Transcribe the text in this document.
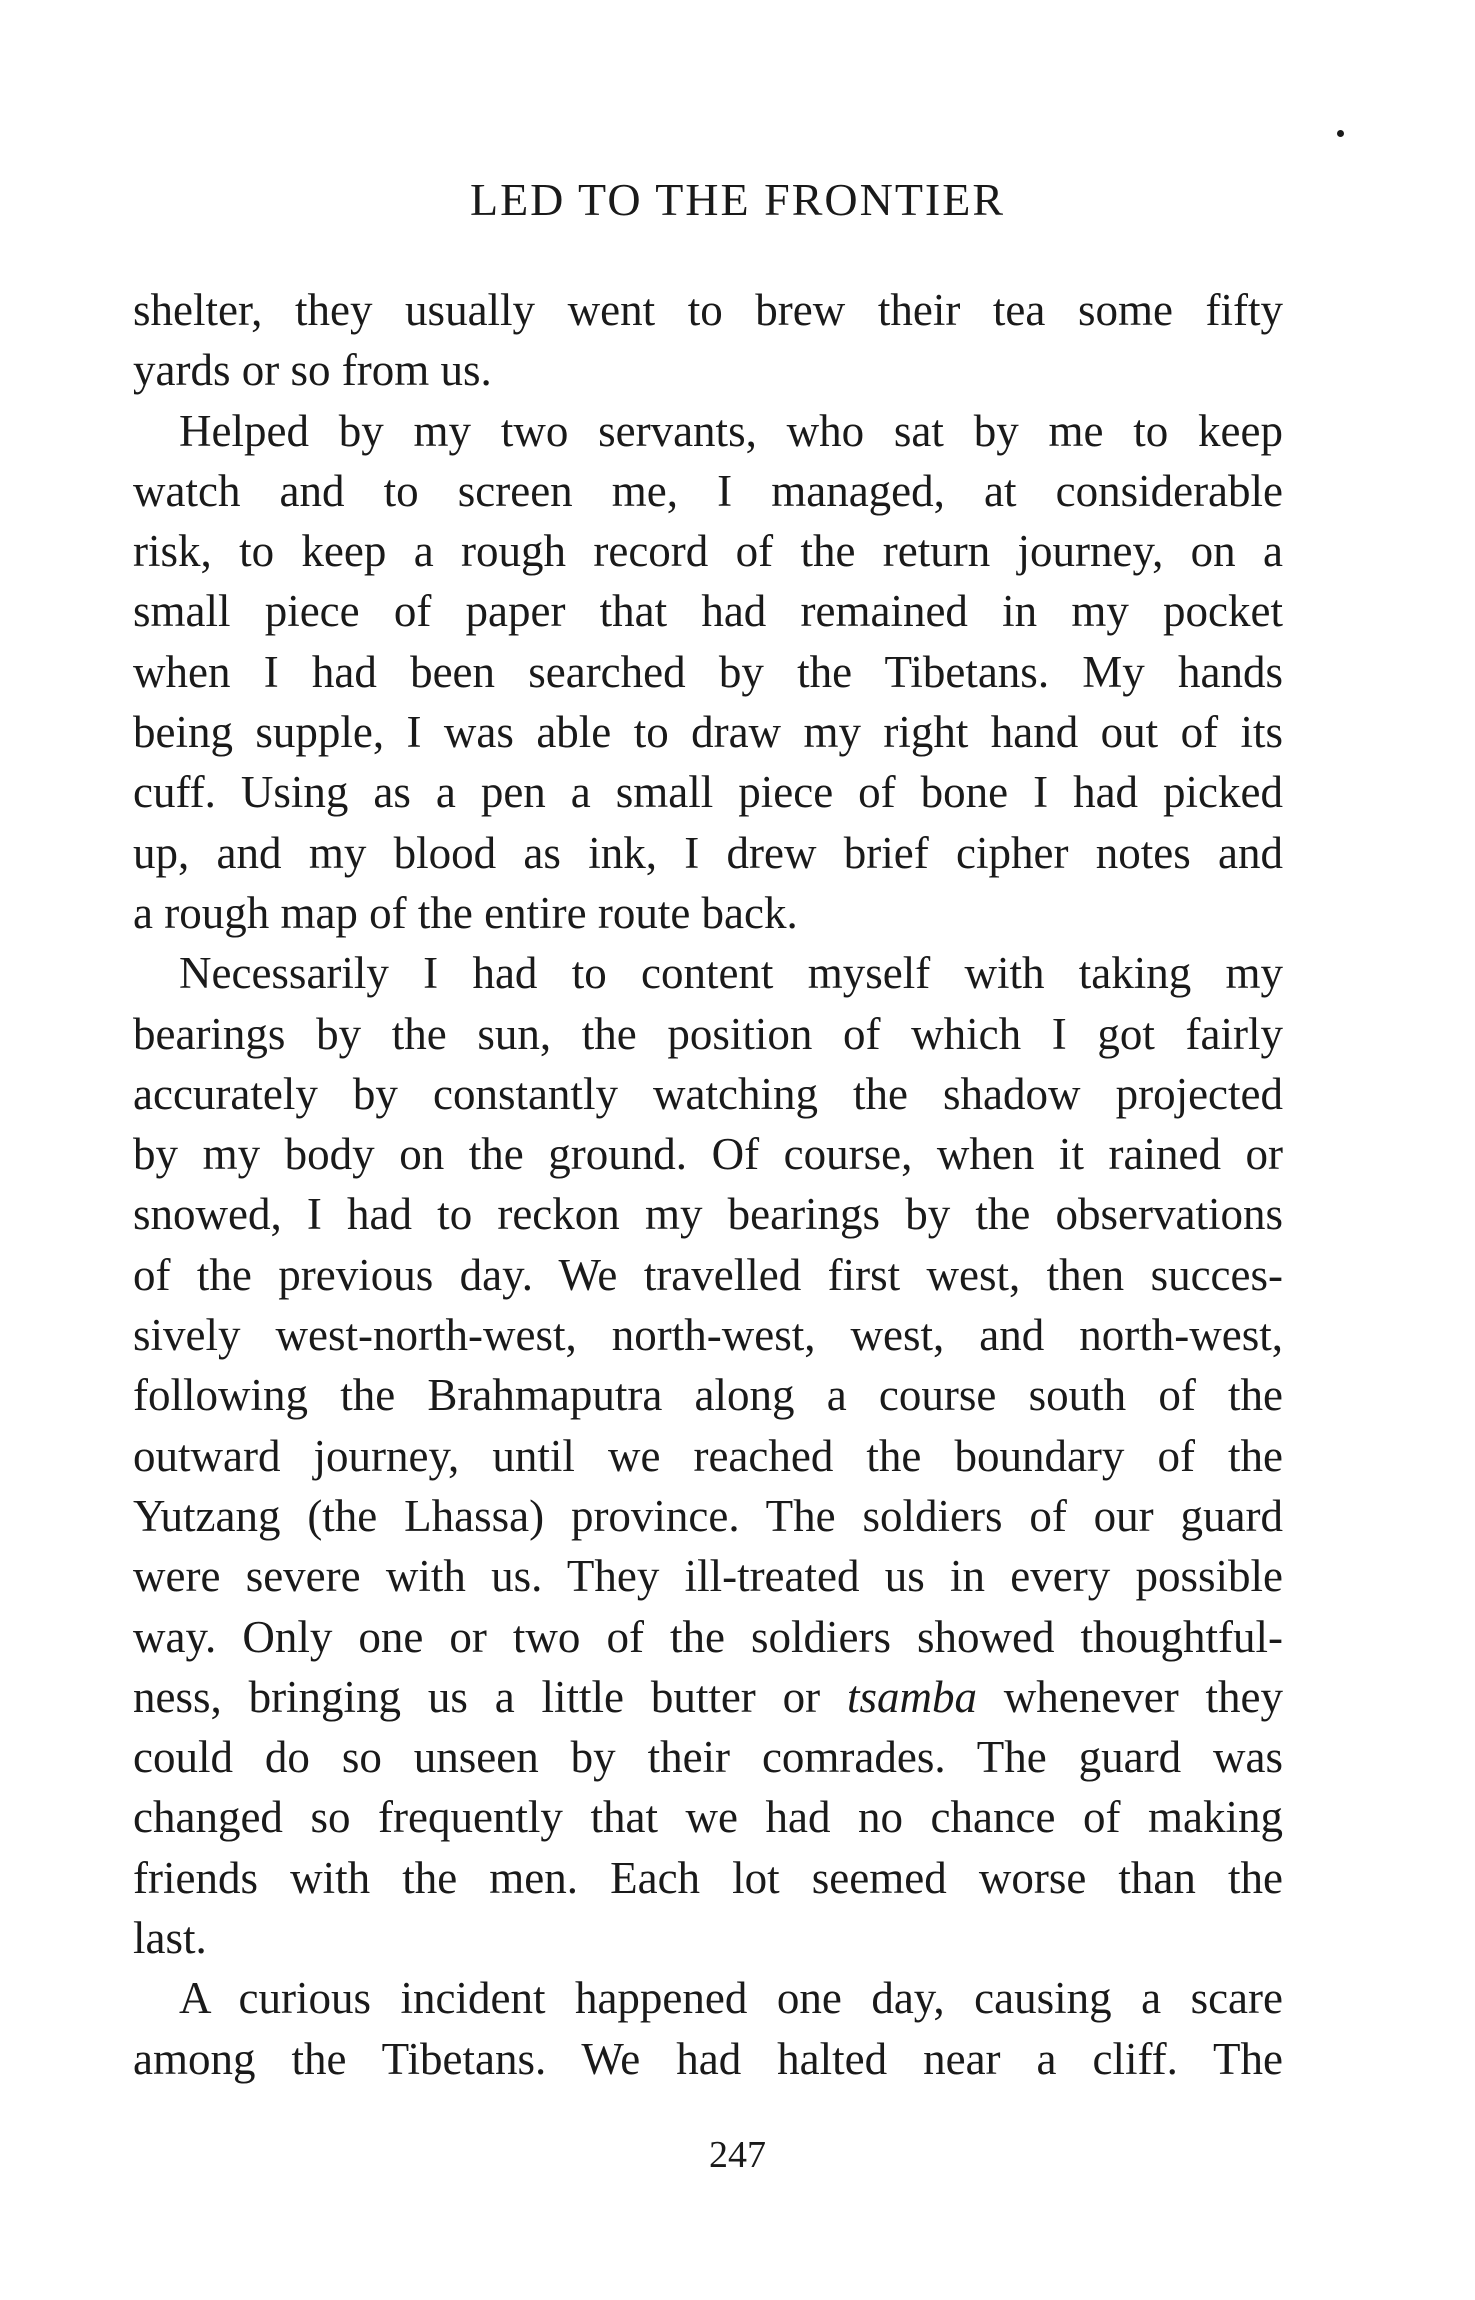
LED TO THE FRONTIER

shelter, they usually went to brew their tea some fifty
yards or so from us.

Helped by my two servants, who sat by me to keep
watch and to screen me, I managed, at considerable
risk, to keep a rough record of the return journey, on a
small piece of paper that had remained in my pocket
when I had been searched by the Tibetans. My hands
being supple, I was able to draw my right hand out of its
cuff. Using as a pen a small piece of bone I had picked
up, and my blood as ink, I drew brief cipher notes and
a rough map of the entire route back.

Necessarily I had to content myself with taking my
bearings by the sun, the position of which I got fairly
accurately by constantly watching the shadow projected
by my body on the ground. Of course, when it rained or
snowed, I had to reckon my bearings by the observations
of the previous day. We travelled first west, then succes-
sively west-north-west, north-west, west, and north-west,
following the Brahmaputra along a course south of the
outward journey, until we reached the boundary of the
Yutzang (the Lhassa) province. The soldiers of our guard
were severe with us. They ill-treated us in every possible
way. Only one or two of the soldiers showed thoughtful-
ness, bringing us a little butter or tsamba whenever they
could do so unseen by their comrades. The guard was
changed so frequently that we had no chance of making
friends with the men. Each lot seemed worse than the
last.

A curious incident happened one day, causing a scare
among the Tibetans. We had halted near a cliff. The

247
